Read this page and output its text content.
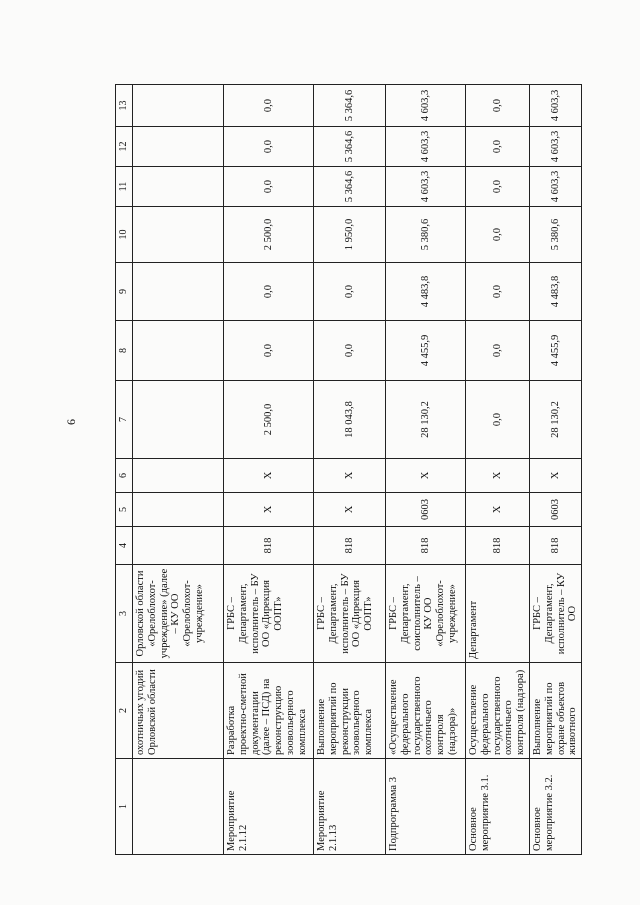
6
1	2	3	4	5	6	7	8	9	10	11	12	13
	охотничьих угодий Орловской области	Орловской области «Орелоблохот-учреждение» (далее – КУ ОО «Орелоблохот-учреждение»										
Мероприятие 2.1.12	Разработка проектно-сметной документации (далее – ПСД) на реконструкцию зоовольерного комплекса	ГРБС – Департамент, исполнитель – БУ ОО «Дирекция ООПТ»	818	X	X	2 500,0	0,0	0,0	2 500,0	0,0	0,0	0,0
Мероприятие 2.1.13	Выполнение мероприятий по реконструкции зоовольерного комплекса	ГРБС – Департамент, исполнитель – БУ ОО «Дирекция ООПТ»	818	X	X	18 043,8	0,0	0,0	1 950,0	5 364,6	5 364,6	5 364,6
Подпрограмма 3	«Осуществление федерального государственного охотничьего контроля (надзора)»	ГРБС – Департамент, соисполнитель – КУ ОО «Орелоблохот-учреждение»	818	0603	X	28 130,2	4 455,9	4 483,8	5 380,6	4 603,3	4 603,3	4 603,3
Основное мероприятие 3.1.	Осуществление федерального государственного охотничьего контроля (надзора)	Департамент	818	X	X	0,0	0,0	0,0	0,0	0,0	0,0	0,0
Основное мероприятие 3.2.	Выполнение мероприятий по охране объектов животного	ГРБС – Департамент, исполнитель – КУ ОО	818	0603	X	28 130,2	4 455,9	4 483,8	5 380,6	4 603,3	4 603,3	4 603,3
